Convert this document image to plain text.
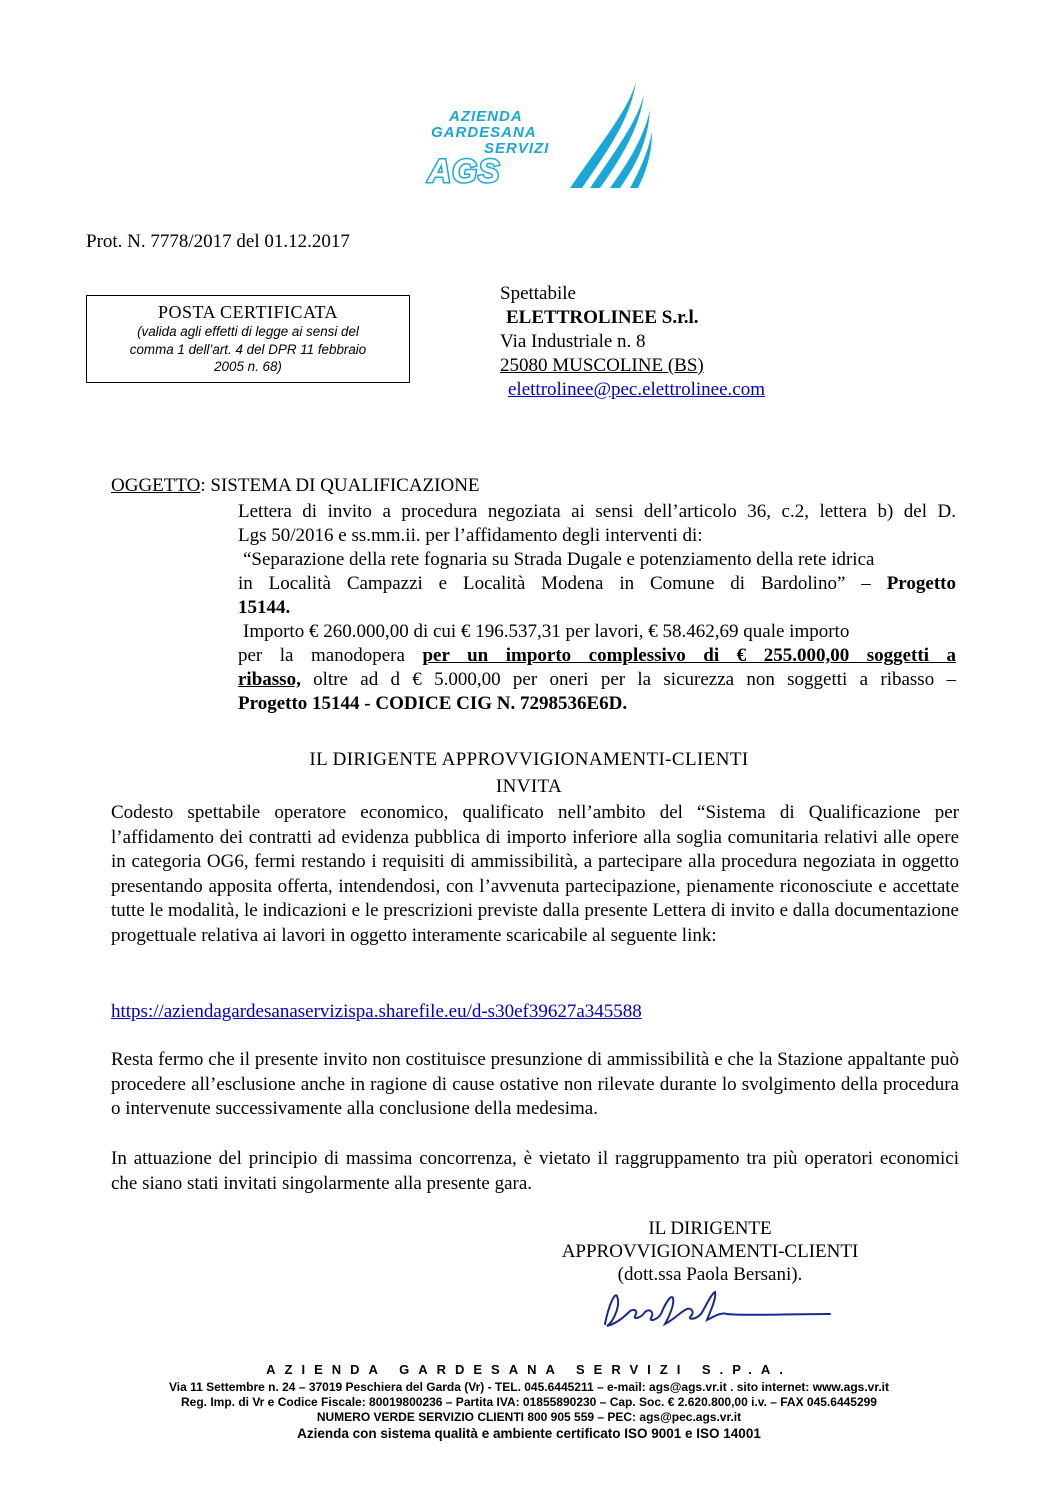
AZIENDA
GARDESANA
SERVIZI
AGS
Prot. N. 7778/2017 del 01.12.2017
POSTA CERTIFICATA
(valida agli effetti di legge ai sensi del
comma 1 dell’art. 4 del DPR 11 febbraio
2005 n. 68)
Spettabile
ELETTROLINEE S.r.l.
Via Industriale n. 8
25080 MUSCOLINE (BS)
elettrolinee@pec.elettrolinee.com
OGGETTO: SISTEMA DI QUALIFICAZIONE
Lettera di invito a procedura negoziata ai sensi dell’articolo 36, c.2, lettera b) del D.
Lgs 50/2016 e ss.mm.ii. per l’affidamento degli interventi di:
“Separazione della rete fognaria su Strada Dugale e potenziamento della rete idrica
in Località Campazzi e Località Modena in Comune di Bardolino” – Progetto
15144.
Importo € 260.000,00 di cui € 196.537,31 per lavori, € 58.462,69 quale importo
per la manodopera per un importo complessivo di € 255.000,00 soggetti a
ribasso, oltre ad d € 5.000,00 per oneri per la sicurezza non soggetti a ribasso –
Progetto 15144 - CODICE CIG N. 7298536E6D.
IL DIRIGENTE APPROVVIGIONAMENTI-CLIENTI
INVITA
Codesto spettabile operatore economico, qualificato nell’ambito del “Sistema di Qualificazione per l’affidamento dei contratti ad evidenza pubblica di importo inferiore alla soglia comunitaria relativi alle opere in categoria OG6, fermi restando i requisiti di ammissibilità, a partecipare alla procedura negoziata in oggetto presentando apposita offerta, intendendosi, con l’avvenuta partecipazione, pienamente riconosciute e accettate tutte le modalità, le indicazioni e le prescrizioni previste dalla presente Lettera di invito e dalla documentazione progettuale relativa ai lavori in oggetto interamente scaricabile al seguente link:
https://aziendagardesanaservizispa.sharefile.eu/d-s30ef39627a345588
Resta fermo che il presente invito non costituisce presunzione di ammissibilità e che la Stazione appaltante può procedere all’esclusione anche in ragione di cause ostative non rilevate durante lo svolgimento della procedura o intervenute successivamente alla conclusione della medesima.
In attuazione del principio di massima concorrenza, è vietato il raggruppamento tra più operatori economici che siano stati invitati singolarmente alla presente gara.
IL DIRIGENTE
APPROVVIGIONAMENTI-CLIENTI
(dott.ssa Paola Bersani).
AZIENDA GARDESANA SERVIZI S.P.A.
Via 11 Settembre n. 24 – 37019 Peschiera del Garda (Vr) - TEL. 045.6445211 – e-mail: ags@ags.vr.it . sito internet: www.ags.vr.it
Reg. Imp. di Vr e Codice Fiscale: 80019800236 – Partita IVA: 01855890230 – Cap. Soc. € 2.620.800,00 i.v. – FAX 045.6445299
NUMERO VERDE SERVIZIO CLIENTI 800 905 559 – PEC: ags@pec.ags.vr.it
Azienda con sistema qualità e ambiente certificato ISO 9001 e ISO 14001
